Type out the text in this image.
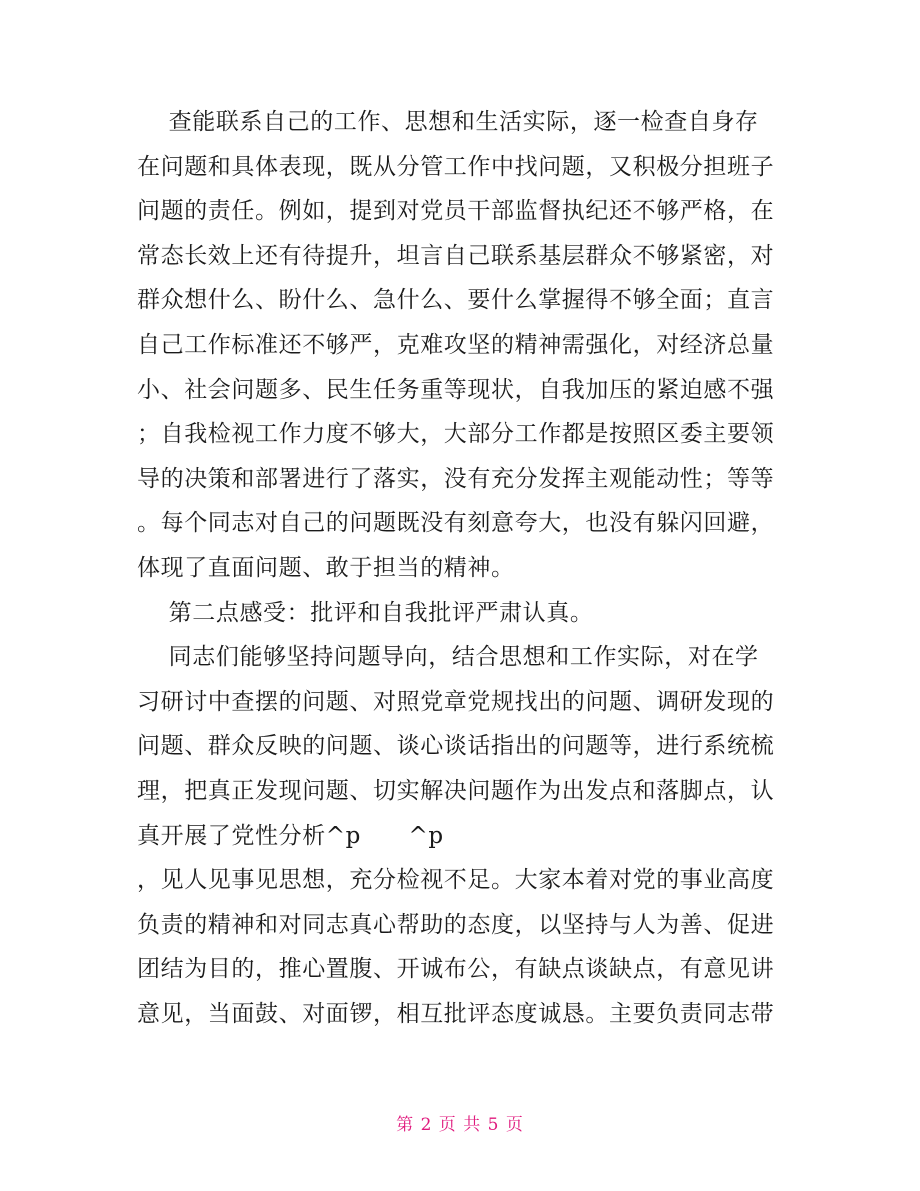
查能联系自己的工作、思想和生活实际，逐一检查自身存
在问题和具体表现，既从分管工作中找问题，又积极分担班子
问题的责任。例如，提到对党员干部监督执纪还不够严格，在
常态长效上还有待提升，坦言自己联系基层群众不够紧密，对
群众想什么、盼什么、急什么、要什么掌握得不够全面；直言
自己工作标准还不够严，克难攻坚的精神需强化，对经济总量
小、社会问题多、民生任务重等现状，自我加压的紧迫感不强
；自我检视工作力度不够大，大部分工作都是按照区委主要领
导的决策和部署进行了落实，没有充分发挥主观能动性；等等
。每个同志对自己的问题既没有刻意夸大，也没有躲闪回避，
体现了直面问题、敢于担当的精神。
第二点感受：批评和自我批评严肃认真。
同志们能够坚持问题导向，结合思想和工作实际，对在学
习研讨中查摆的问题、对照党章党规找出的问题、调研发现的
问题、群众反映的问题、谈心谈话指出的问题等，进行系统梳
理，把真正发现问题、切实解决问题作为出发点和落脚点，认
真开展了党性分析^p      ^p
，见人见事见思想，充分检视不足。大家本着对党的事业高度
负责的精神和对同志真心帮助的态度，以坚持与人为善、促进
团结为目的，推心置腹、开诚布公，有缺点谈缺点，有意见讲
意见，当面鼓、对面锣，相互批评态度诚恳。主要负责同志带
第 2 页 共 5 页
